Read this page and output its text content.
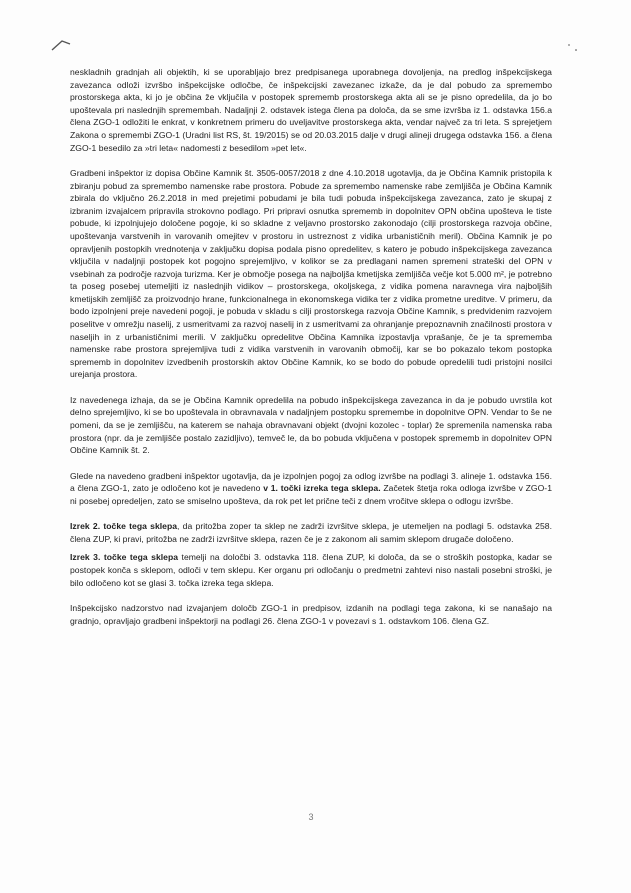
neskladnih gradnjah ali objektih, ki se uporabljajo brez predpisanega uporabnega dovoljenja, na predlog inšpekcijskega zavezanca odloži izvršbo inšpekcijske odločbe, če inšpekcijski zavezanec izkaže, da je dal pobudo za spremembo prostorskega akta, ki jo je občina že vključila v postopek sprememb prostorskega akta ali se je pisno opredelila, da jo bo upoštevala pri naslednjih spremembah. Nadaljnji 2. odstavek istega člena pa določa, da se sme izvršba iz 1. odstavka 156.a člena ZGO-1 odložiti le enkrat, v konkretnem primeru do uveljavitve prostorskega akta, vendar največ za tri leta. S sprejetjem Zakona o spremembi ZGO-1 (Uradni list RS, št. 19/2015) se od 20.03.2015 dalje v drugi alineji drugega odstavka 156. a člena ZGO-1 besedilo za »tri leta« nadomesti z besedilom »pet let«.

Gradbeni inšpektor iz dopisa Občine Kamnik št. 3505-0057/2018 z dne 4.10.2018 ugotavlja, da je Občina Kamnik pristopila k zbiranju pobud za spremembo namenske rabe prostora. Pobude za spremembo namenske rabe zemljišča je Občina Kamnik zbirala do vključno 26.2.2018 in med prejetimi pobudami je bila tudi pobuda inšpekcijskega zavezanca, zato je skupaj z izbranim izvajalcem pripravila strokovno podlago. Pri pripravi osnutka sprememb in dopolnitev OPN občina upošteva le tiste pobude, ki izpolnjujejo določene pogoje, ki so skladne z veljavno prostorsko zakonodajo (cilji prostorskega razvoja občine, upoštevanja varstvenih in varovanih omejitev v prostoru in ustreznost z vidika urbanističnih meril). Občina Kamnik je po opravljenih postopkih vrednotenja v zaključku dopisa podala pisno opredelitev, s katero je pobudo inšpekcijskega zavezanca vključila v nadaljnji postopek kot pogojno sprejemljivo, v kolikor se za predlagani namen spremeni strateški del OPN v vsebinah za področje razvoja turizma. Ker je območje posega na najboljša kmetijska zemljišča večje kot 5.000 m², je potrebno ta poseg posebej utemeljiti iz naslednjih vidikov – prostorskega, okoljskega, z vidika pomena naravnega vira najboljših kmetijskih zemljišč za proizvodnjo hrane, funkcionalnega in ekonomskega vidika ter z vidika prometne ureditve. V primeru, da bodo izpolnjeni preje navedeni pogoji, je pobuda v skladu s cilji prostorskega razvoja Občine Kamnik, s predvidenim razvojem poselitve v omrežju naselij, z usmeritvami za razvoj naselij in z usmeritvami za ohranjanje prepoznavnih značilnosti prostora v naseljih in z urbanističnimi merili. V zaključku opredelitve Občina Kamnika izpostavlja vprašanje, če je ta sprememba namenske rabe prostora sprejemljiva tudi z vidika varstvenih in varovanih območij, kar se bo pokazalo tekom postopka sprememb in dopolnitev izvedbenih prostorskih aktov Občine Kamnik, ko se bodo do pobude opredelili tudi pristojni nosilci urejanja prostora.

Iz navedenega izhaja, da se je Občina Kamnik opredelila na pobudo inšpekcijskega zavezanca in da je pobudo uvrstila kot delno sprejemljivo, ki se bo upoštevala in obravnavala v nadaljnjem postopku spremembe in dopolnitve OPN. Vendar to še ne pomeni, da se je zemljišču, na katerem se nahaja obravnavani objekt (dvojni kozolec - toplar) že spremenila namenska raba prostora (npr. da je zemljišče postalo zazidljivo), temveč le, da bo pobuda vključena v postopek sprememb in dopolnitev OPN Občine Kamnik št. 2.

Glede na navedeno gradbeni inšpektor ugotavlja, da je izpolnjen pogoj za odlog izvršbe na podlagi 3. alineje 1. odstavka 156. a člena ZGO-1, zato je odločeno kot je navedeno v 1. točki izreka tega sklepa. Začetek štetja roka odloga izvršbe v ZGO-1 ni posebej opredeljen, zato se smiselno upošteva, da rok pet let prične teči z dnem vročitve sklepa o odlogu izvršbe.

Izrek 2. točke tega sklepa, da pritožba zoper ta sklep ne zadrži izvršitve sklepa, je utemeljen na podlagi 5. odstavka 258. člena ZUP, ki pravi, pritožba ne zadrži izvršitve sklepa, razen če je z zakonom ali samim sklepom drugače določeno.

Izrek 3. točke tega sklepa temelji na določbi 3. odstavka 118. člena ZUP, ki določa, da se o stroških postopka, kadar se postopek konča s sklepom, odloči v tem sklepu. Ker organu pri odločanju o predmetni zahtevi niso nastali posebni stroški, je bilo odločeno kot se glasi 3. točka izreka tega sklepa.

Inšpekcijsko nadzorstvo nad izvajanjem določb ZGO-1 in predpisov, izdanih na podlagi tega zakona, ki se nanašajo na gradnjo, opravljajo gradbeni inšpektorji na podlagi 26. člena ZGO-1 v povezavi s 1. odstavkom 106. člena GZ.

3
